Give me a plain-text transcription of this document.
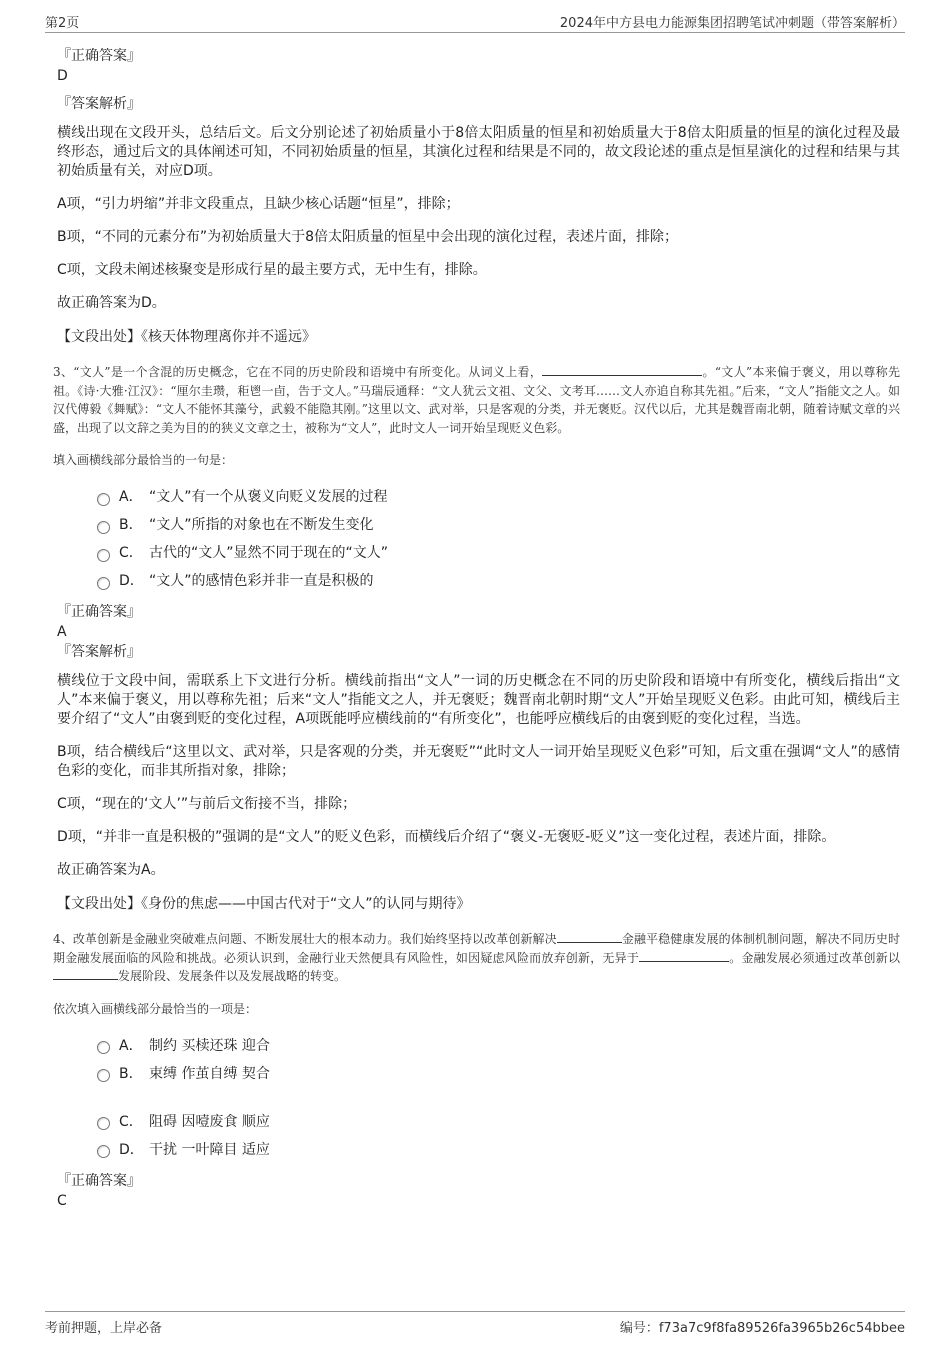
第2页	2024年中方县电力能源集团招聘笔试冲刺题（带答案解析）

『正确答案』

D

『答案解析』

横线出现在文段开头，总结后文。后文分别论述了初始质量小于8倍太阳质量的恒星和初始质量大于8倍太阳质量的恒星的演化过程及最终形态，通过后文的具体阐述可知，不同初始质量的恒星，其演化过程和结果是不同的，故文段论述的重点是恒星演化的过程和结果与其初始质量有关，对应D项。

A项，“引力坍缩”并非文段重点，且缺少核心话题“恒星”，排除；

B项，“不同的元素分布”为初始质量大于8倍太阳质量的恒星中会出现的演化过程，表述片面，排除；

C项，文段未阐述核聚变是形成行星的最主要方式，无中生有，排除。

故正确答案为D。

【文段出处】《核天体物理离你并不遥远》

3、“文人”是一个含混的历史概念，它在不同的历史阶段和语境中有所变化。从词义上看，	。“文人”本来偏于褒义，用以尊称先祖。《诗·大雅·江汉》：“厘尔圭瓒，秬鬯一卣，告于文人。”马瑞辰通释：“文人犹云文祖、文父、文考耳……文人亦追自称其先祖。”后来，“文人”指能文之人。如汉代傅毅《舞赋》：“文人不能怀其藻兮，武毅不能隐其刚。”这里以文、武对举，只是客观的分类，并无褒贬。汉代以后，尤其是魏晋南北朝，随着诗赋文章的兴盛，出现了以文辞之美为目的的狭义文章之士，被称为“文人”，此时文人一词开始呈现贬义色彩。

填入画横线部分最恰当的一句是：

A． “文人”有一个从褒义向贬义发展的过程
B． “文人”所指的对象也在不断发生变化
C． 古代的“文人”显然不同于现在的“文人”
D． “文人”的感情色彩并非一直是积极的

『正确答案』

A

『答案解析』

横线位于文段中间，需联系上下文进行分析。横线前指出“文人”一词的历史概念在不同的历史阶段和语境中有所变化，横线后指出“文人”本来偏于褒义，用以尊称先祖；后来“文人”指能文之人，并无褒贬；魏晋南北朝时期“文人”开始呈现贬义色彩。由此可知，横线后主要介绍了“文人”由褒到贬的变化过程，A项既能呼应横线前的“有所变化”，也能呼应横线后的由褒到贬的变化过程，当选。

B项，结合横线后“这里以文、武对举，只是客观的分类，并无褒贬”“此时文人一词开始呈现贬义色彩”可知，后文重在强调“文人”的感情色彩的变化，而非其所指对象，排除；

C项，“现在的‘文人’”与前后文衔接不当，排除；

D项，“并非一直是积极的”强调的是“文人”的贬义色彩，而横线后介绍了“褒义-无褒贬-贬义”这一变化过程，表述片面，排除。

故正确答案为A。

【文段出处】《身份的焦虑——中国古代对于“文人”的认同与期待》

4、改革创新是金融业突破难点问题、不断发展壮大的根本动力。我们始终坚持以改革创新解决	金融平稳健康发展的体制机制问题，解决不同历史时期金融发展面临的风险和挑战。必须认识到，金融行业天然便具有风险性，如因疑虑风险而放弃创新，无异于	。金融发展必须通过改革创新以发展阶段、发展条件以及发展战略的转变。

依次填入画横线部分最恰当的一项是：

A． 制约 买椟还珠 迎合
B． 束缚 作茧自缚 契合
C． 阻碍 因噎废食 顺应
D． 干扰 一叶障目 适应

『正确答案』

C

考前押题，上岸必备	编号：f73a7c9f8fa89526fa3965b26c54bbee
